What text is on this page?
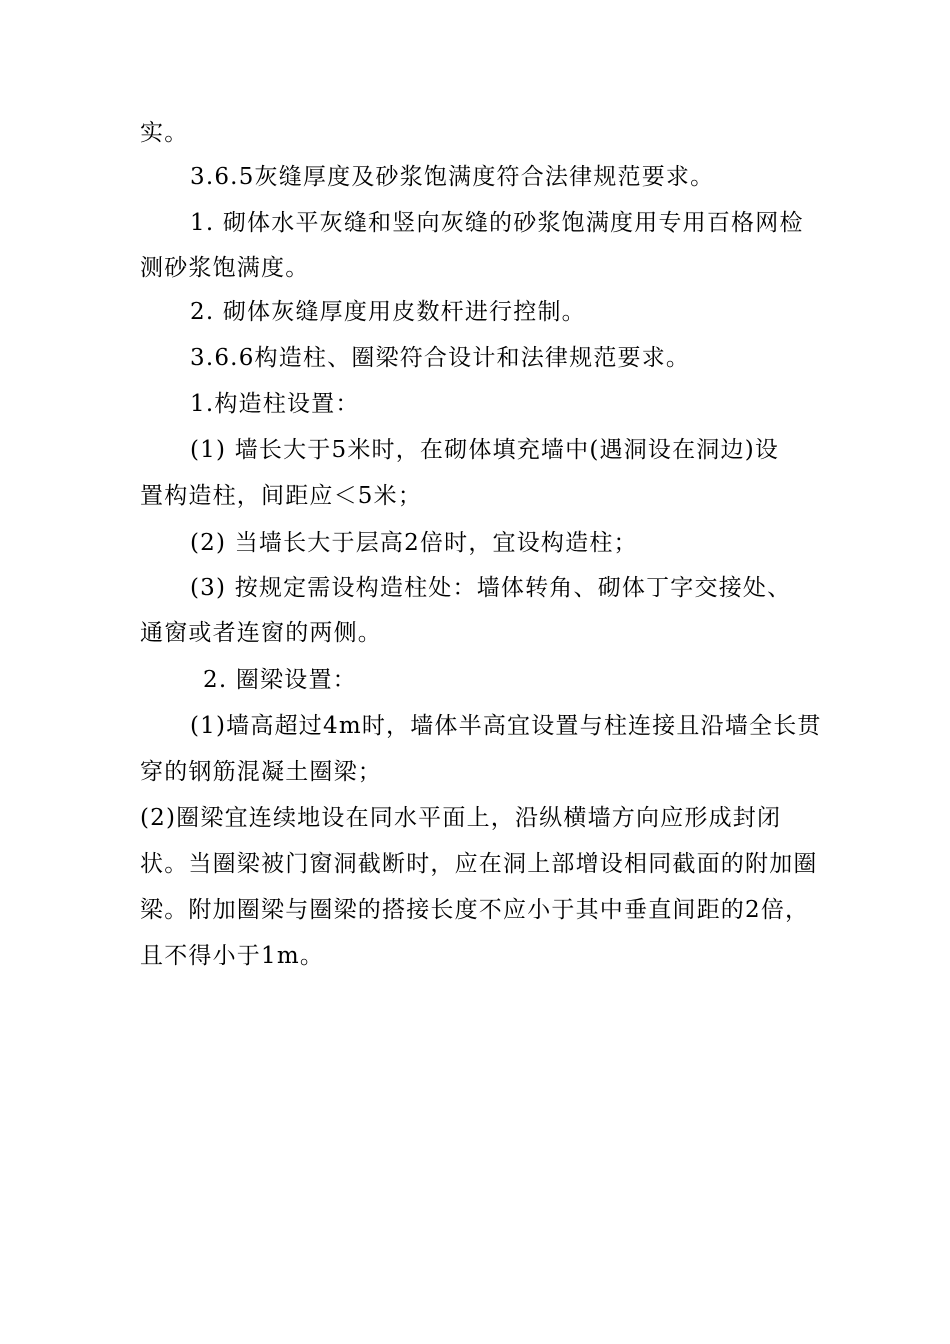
实。
3.6.5灰缝厚度及砂浆饱满度符合法律规范要求。
1. 砌体水平灰缝和竖向灰缝的砂浆饱满度用专用百格网检
测砂浆饱满度。
2. 砌体灰缝厚度用皮数杆进行控制。
3.6.6构造柱、圈梁符合设计和法律规范要求。
1.构造柱设置：
(1) 墙长大于5米时，在砌体填充墙中(遇洞设在洞边)设
置构造柱，间距应＜5米；
(2) 当墙长大于层高2倍时，宜设构造柱；
(3) 按规定需设构造柱处：墙体转角、砌体丁字交接处、
通窗或者连窗的两侧。
2. 圈梁设置：
(1)墙高超过4m时，墙体半高宜设置与柱连接且沿墙全长贯
穿的钢筋混凝土圈梁；
(2)圈梁宜连续地设在同水平面上，沿纵横墙方向应形成封闭
状。当圈梁被门窗洞截断时，应在洞上部增设相同截面的附加圈
梁。附加圈梁与圈梁的搭接长度不应小于其中垂直间距的2倍，
且不得小于1m。
